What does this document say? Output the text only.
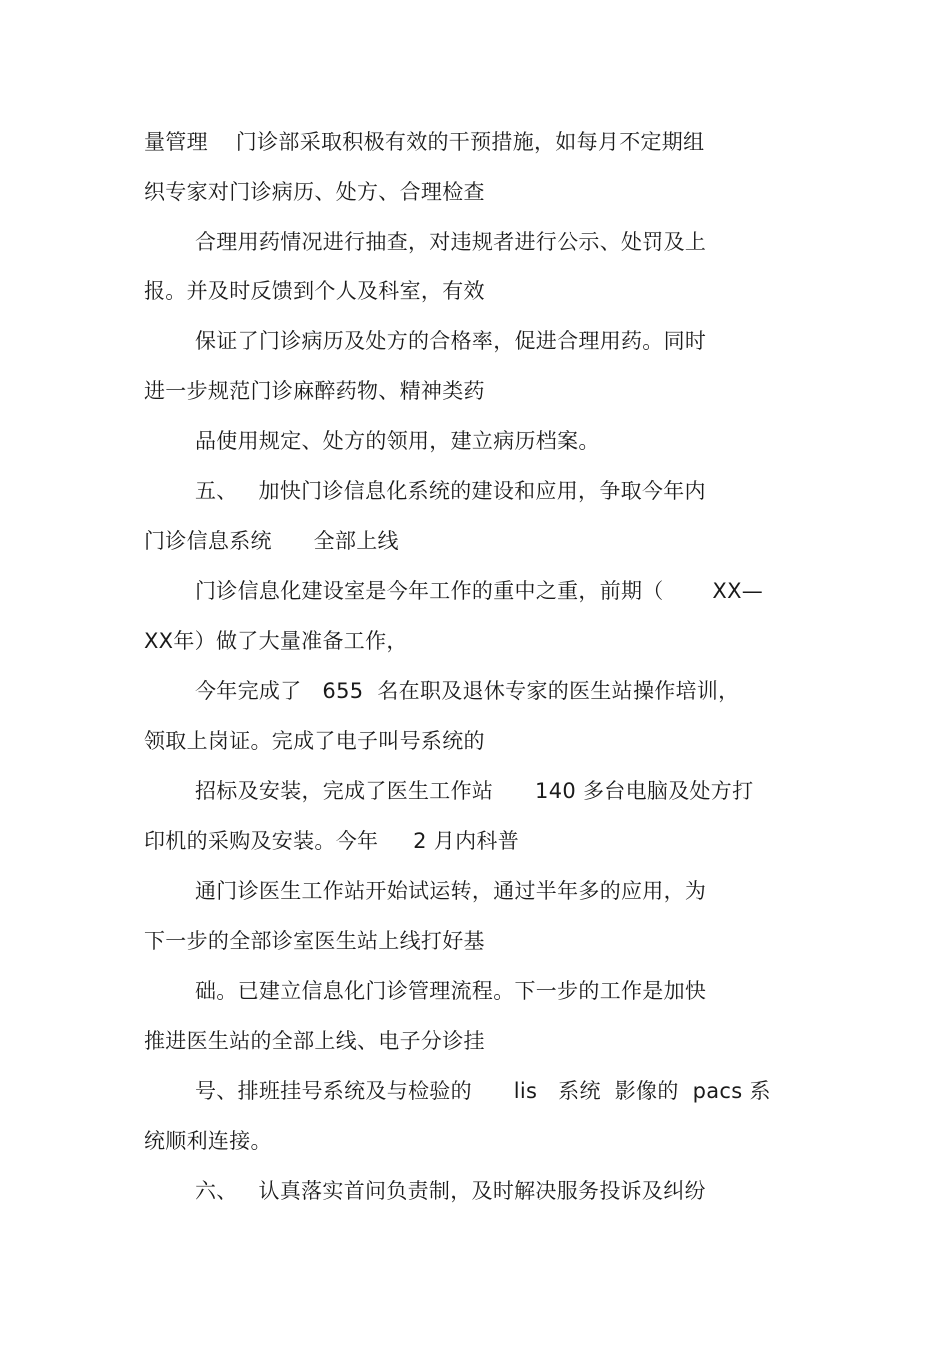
量管理    门诊部采取积极有效的干预措施，如每月不定期组
织专家对门诊病历、处方、合理检查
合理用药情况进行抽查，对违规者进行公示、处罚及上
报。并及时反馈到个人及科室，有效
保证了门诊病历及处方的合格率，促进合理用药。同时
进一步规范门诊麻醉药物、精神类药
品使用规定、处方的领用，建立病历档案。
五、   加快门诊信息化系统的建设和应用，争取今年内
门诊信息系统      全部上线
门诊信息化建设室是今年工作的重中之重，前期（       XX—
XX年）做了大量准备工作，
今年完成了   655  名在职及退休专家的医生站操作培训，
领取上岗证。完成了电子叫号系统的
招标及安装，完成了医生工作站      140 多台电脑及处方打
印机的采购及安装。今年     2 月内科普
通门诊医生工作站开始试运转，通过半年多的应用，为
下一步的全部诊室医生站上线打好基
础。已建立信息化门诊管理流程。下一步的工作是加快
推进医生站的全部上线、电子分诊挂
号、排班挂号系统及与检验的      lis   系统  影像的  pacs 系
统顺利连接。
六、   认真落实首问负责制，及时解决服务投诉及纠纷
